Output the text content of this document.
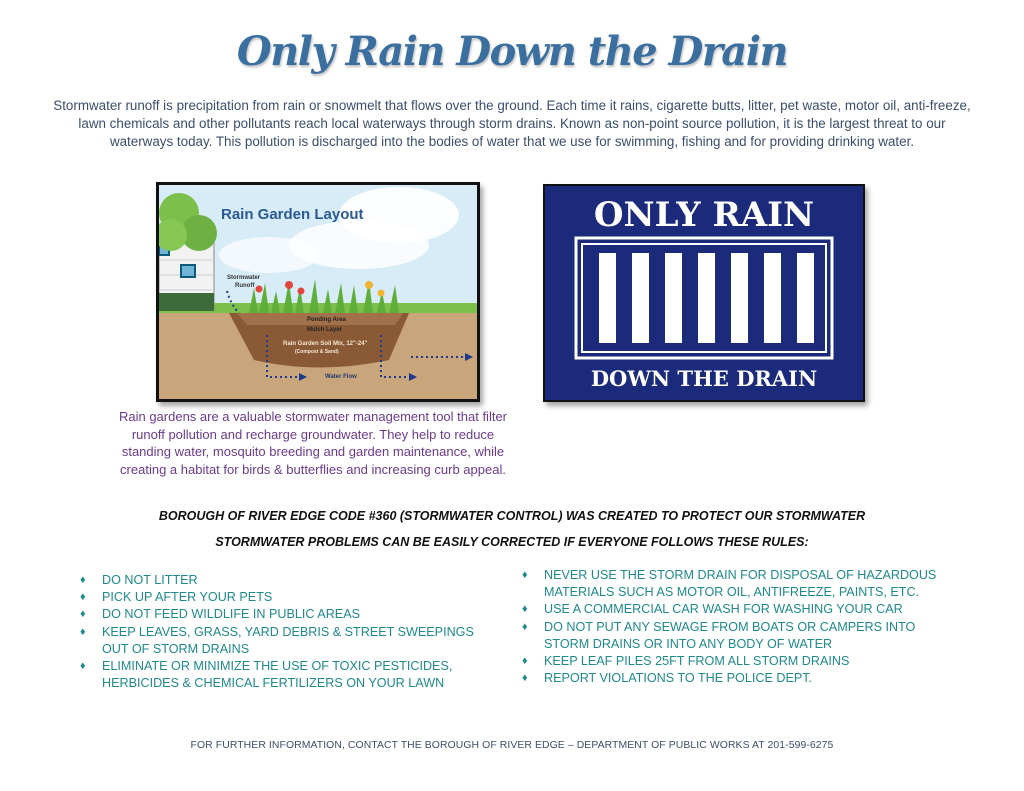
Only Rain Down the Drain
Stormwater runoff is precipitation from rain or snowmelt that flows over the ground. Each time it rains, cigarette butts, litter, pet waste, motor oil, anti-freeze, lawn chemicals and other pollutants reach local waterways through storm drains. Known as non-point source pollution, it is the largest threat to our waterways today. This pollution is discharged into the bodies of water that we use for swimming, fishing and for providing drinking water.
Rain Garden Layout
Stormwater
Runoff
Ponding Area
Mulch Layer
Rain Garden Soil Mix, 12"-24"
(Compost & Sand)
Water Flow
ONLY RAIN
DOWN THE DRAIN
Rain gardens are a valuable stormwater management tool that filter runoff pollution and recharge groundwater. They help to reduce standing water, mosquito breeding and garden maintenance, while creating a habitat for birds & butterflies and increasing curb appeal.
BOROUGH OF RIVER EDGE CODE #360 (STORMWATER CONTROL) WAS CREATED TO PROTECT OUR STORMWATER
STORMWATER PROBLEMS CAN BE EASILY CORRECTED IF EVERYONE FOLLOWS THESE RULES:
♦ DO NOT LITTER
♦ PICK UP AFTER YOUR PETS
♦ DO NOT FEED WILDLIFE IN PUBLIC AREAS
♦ KEEP LEAVES, GRASS, YARD DEBRIS & STREET SWEEPINGS OUT OF STORM DRAINS
♦ ELIMINATE OR MINIMIZE THE USE OF TOXIC PESTICIDES, HERBICIDES & CHEMICAL FERTILIZERS ON YOUR LAWN
♦ NEVER USE THE STORM DRAIN FOR DISPOSAL OF HAZARDOUS MATERIALS SUCH AS MOTOR OIL, ANTIFREEZE, PAINTS, ETC.
♦ USE A COMMERCIAL CAR WASH FOR WASHING YOUR CAR
♦ DO NOT PUT ANY SEWAGE FROM BOATS OR CAMPERS INTO STORM DRAINS OR INTO ANY BODY OF WATER
♦ KEEP LEAF PILES 25FT FROM ALL STORM DRAINS
♦ REPORT VIOLATIONS TO THE POLICE DEPT.
FOR FURTHER INFORMATION, CONTACT THE BOROUGH OF RIVER EDGE – DEPARTMENT OF PUBLIC WORKS AT 201-599-6275
